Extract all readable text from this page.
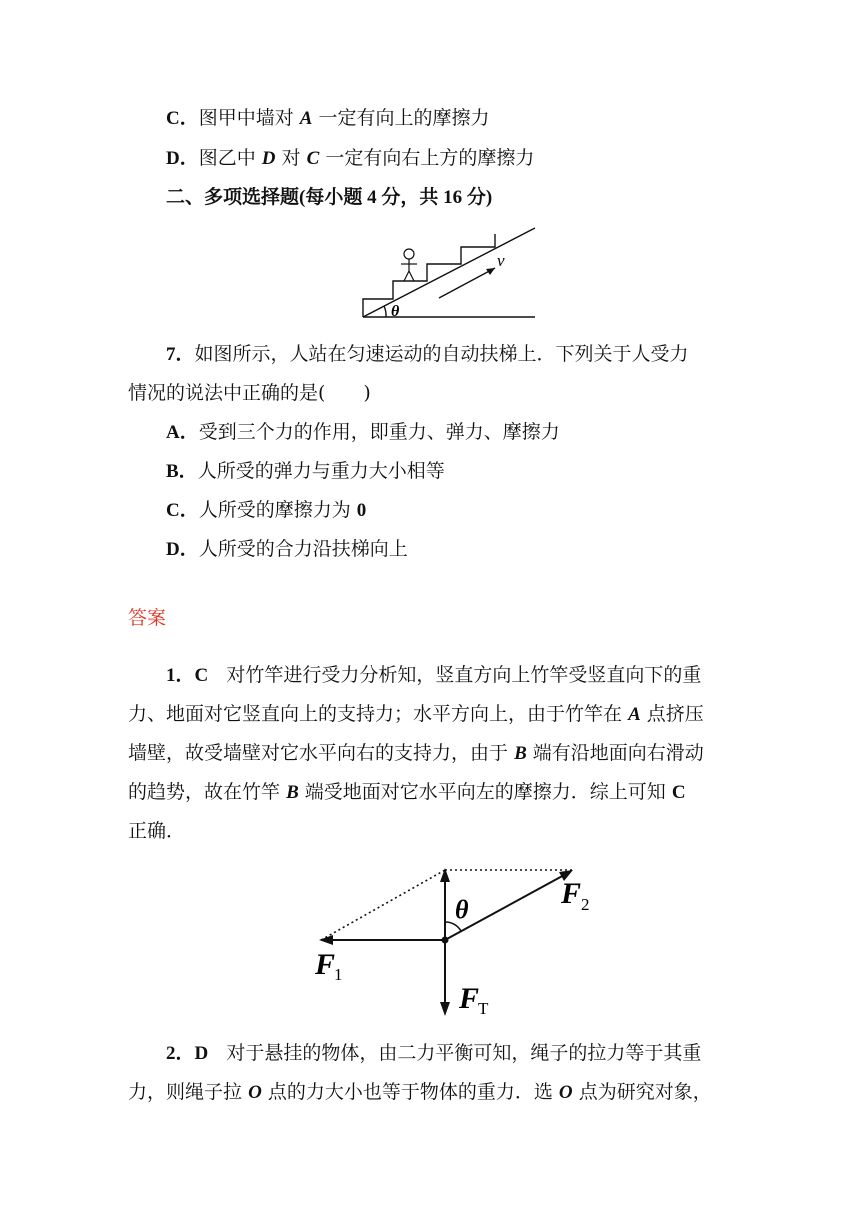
C．图甲中墙对 A 一定有向上的摩擦力
D．图乙中 D 对 C 一定有向右上方的摩擦力
二、多项选择题(每小题 4 分，共 16 分)
v
θ
7．如图所示，人站在匀速运动的自动扶梯上．下列关于人受力
情况的说法中正确的是(　　)
A．受到三个力的作用，即重力、弹力、摩擦力
B．人所受的弹力与重力大小相等
C．人所受的摩擦力为 0
D．人所受的合力沿扶梯向上
答案
1．C 对竹竿进行受力分析知，竖直方向上竹竿受竖直向下的重
力、地面对它竖直向上的支持力；水平方向上，由于竹竿在 A 点挤压
墙壁，故受墙壁对它水平向右的支持力，由于 B 端有沿地面向右滑动
的趋势，故在竹竿 B 端受地面对它水平向左的摩擦力．综上可知 C
正确．
θ	F 2
F
1
F
T
2．D 对于悬挂的物体，由二力平衡可知，绳子的拉力等于其重
力，则绳子拉 O 点的力大小也等于物体的重力．选 O 点为研究对象，
